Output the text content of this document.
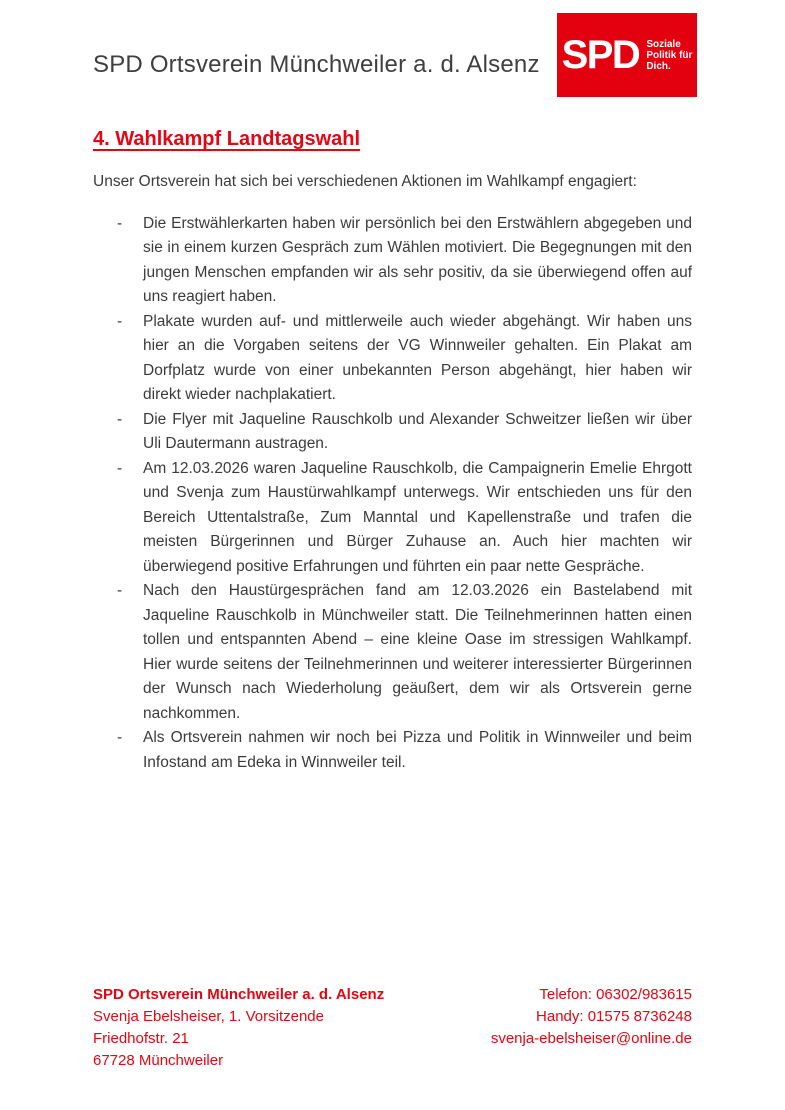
SPD Ortsverein Münchweiler a. d. Alsenz SPD Soziale
Politik für
Dich.
4. Wahlkampf Landtagswahl

Unser Ortsverein hat sich bei verschiedenen Aktionen im Wahlkampf engagiert:

- Die Erstwählerkarten haben wir persönlich bei den Erstwählern abgegeben und sie in einem kurzen Gespräch zum Wählen motiviert. Die Begegnungen mit den jungen Menschen empfanden wir als sehr positiv, da sie überwiegend offen auf uns reagiert haben.
- Plakate wurden auf- und mittlerweile auch wieder abgehängt. Wir haben uns hier an die Vorgaben seitens der VG Winnweiler gehalten. Ein Plakat am Dorfplatz wurde von einer unbekannten Person abgehängt, hier haben wir direkt wieder nachplakatiert.
- Die Flyer mit Jaqueline Rauschkolb und Alexander Schweitzer ließen wir über Uli Dautermann austragen.
- Am 12.03.2026 waren Jaqueline Rauschkolb, die Campaignerin Emelie Ehrgott und Svenja zum Haustürwahlkampf unterwegs. Wir entschieden uns für den Bereich Uttentalstraße, Zum Manntal und Kapellenstraße und trafen die meisten Bürgerinnen und Bürger Zuhause an. Auch hier machten wir überwiegend positive Erfahrungen und führten ein paar nette Gespräche.
- Nach den Haustürgesprächen fand am 12.03.2026 ein Bastelabend mit Jaqueline Rauschkolb in Münchweiler statt. Die Teilnehmerinnen hatten einen tollen und entspannten Abend – eine kleine Oase im stressigen Wahlkampf. Hier wurde seitens der Teilnehmerinnen und weiterer interessierter Bürgerinnen der Wunsch nach Wiederholung geäußert, dem wir als Ortsverein gerne nachkommen.
- Als Ortsverein nahmen wir noch bei Pizza und Politik in Winnweiler und beim Infostand am Edeka in Winnweiler teil.
SPD Ortsverein Münchweiler a. d. Alsenz
Svenja Ebelsheiser, 1. Vorsitzende
Friedhofstr. 21
67728 Münchweiler
Telefon: 06302/983615
Handy: 01575 8736248
svenja-ebelsheiser@online.de
